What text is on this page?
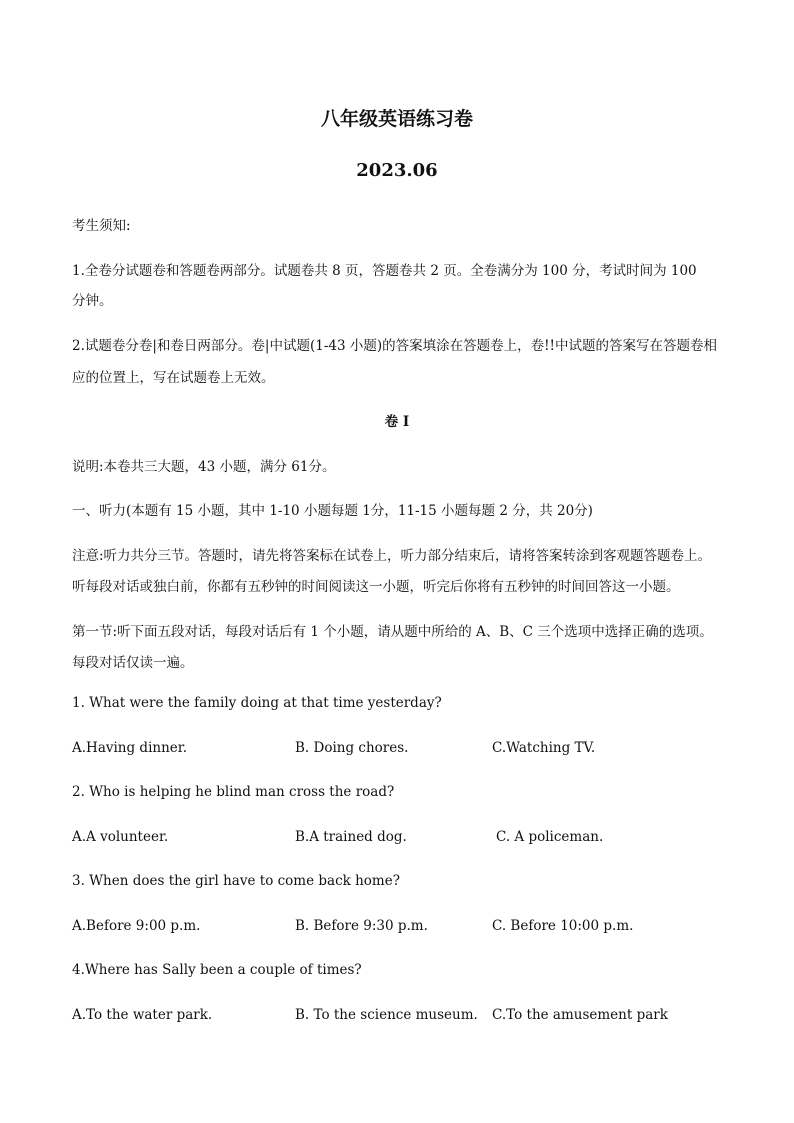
八年级英语练习卷
2023.06
考生须知:
1.全卷分试题卷和答题卷两部分。试题卷共 8 页，答题卷共 2 页。全卷满分为 100 分，考试时间为 100
分钟。
2.试题卷分卷|和卷日两部分。卷|中试题(1-43 小题)的答案填涂在答题卷上，卷!!中试题的答案写在答题卷相
应的位置上，写在试题卷上无效。
卷 I
说明:本卷共三大题，43 小题，满分 61分。
一、听力(本题有 15 小题，其中 1-10 小题每题 1分，11-15 小题每题 2 分，共 20分)
注意:听力共分三节。答题时，请先将答案标在试卷上，听力部分结束后，请将答案转涂到客观题答题卷上。
听每段对话或独白前，你都有五秒钟的时间阅读这一小题，听完后你将有五秒钟的时间回答这一小题。
第一节:听下面五段对话，每段对话后有 1 个小题，请从题中所给的 A、B、C 三个选项中选择正确的选项。
每段对话仅读一遍。
1. What were the family doing at that time yesterday?
A.Having dinner.	B. Doing chores.	C.Watching TV.
2. Who is helping he blind man cross the road?
A.A volunteer.	B.A trained dog.	C. A policeman.
3. When does the girl have to come back home?
A.Before 9:00 p.m.	B. Before 9:30 p.m.	C. Before 10:00 p.m.
4.Where has Sally been a couple of times?
A.To the water park.	B. To the science museum. C.To the amusement park
